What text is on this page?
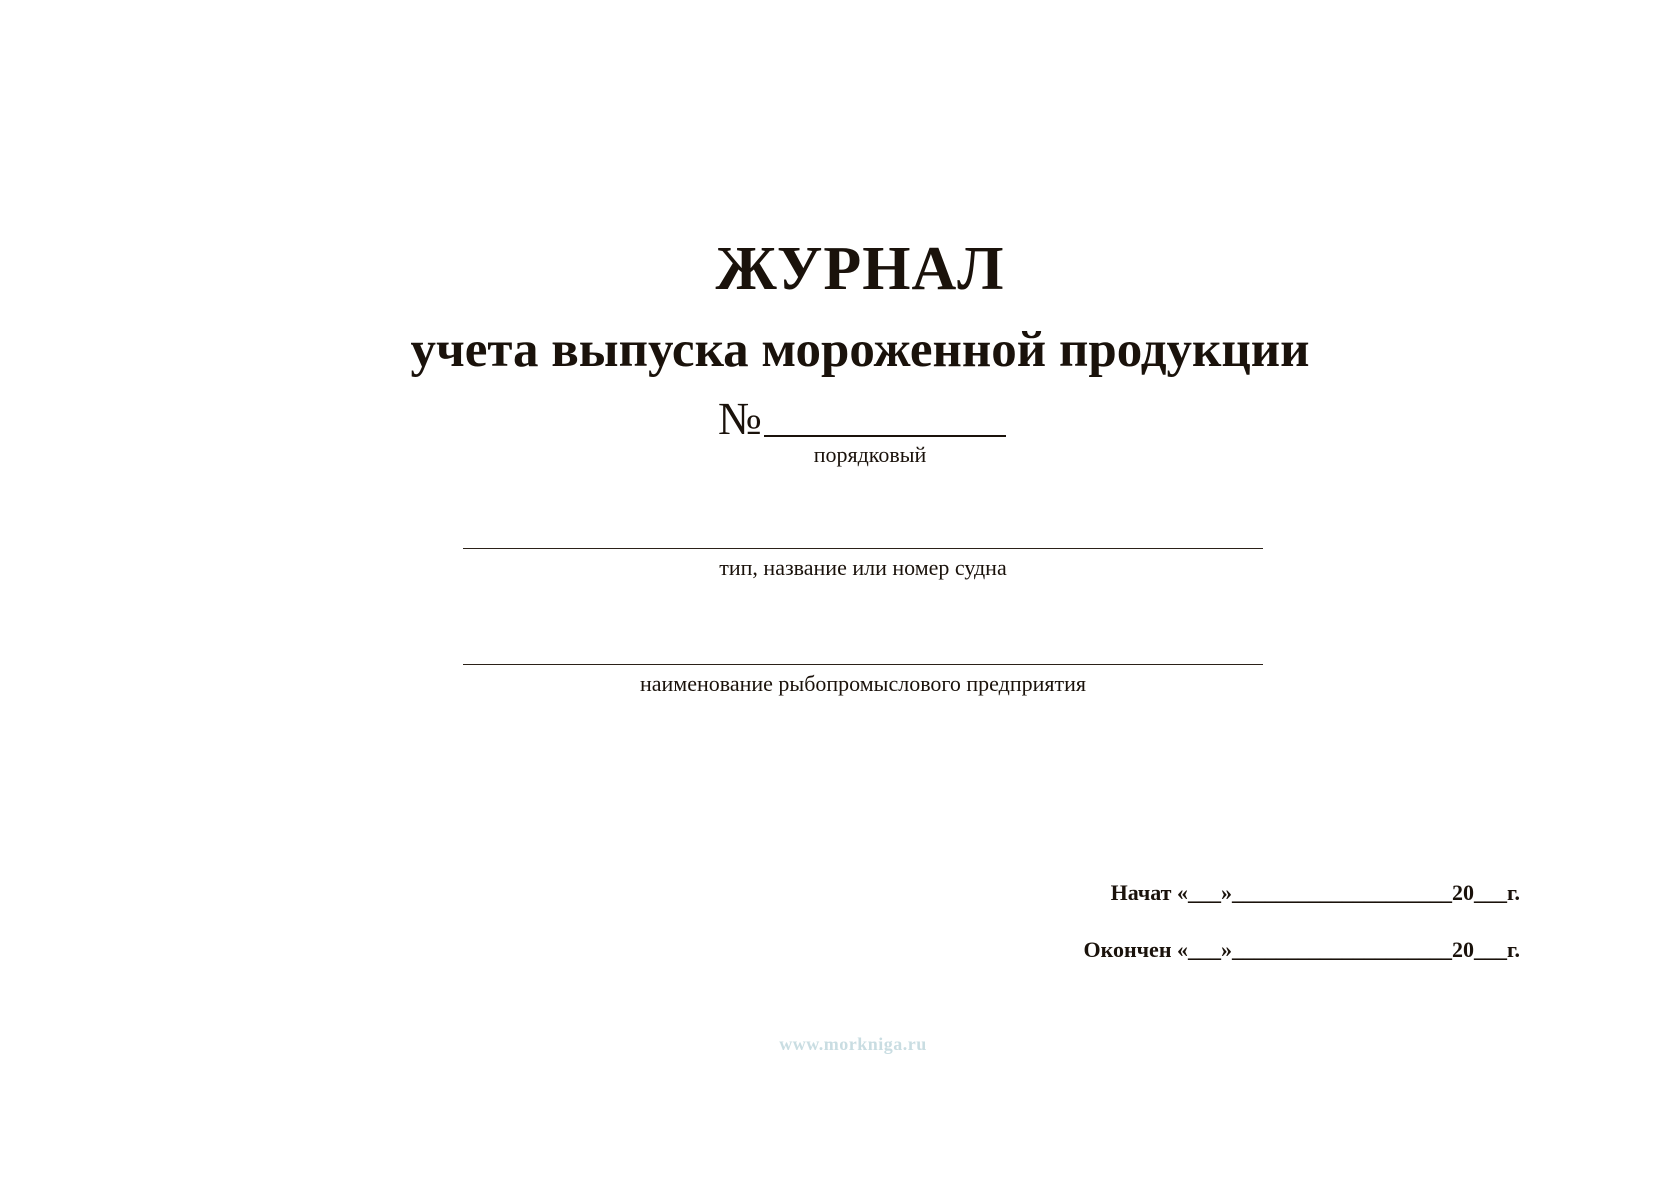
ЖУРНАЛ
учета выпуска мороженной продукции
№
порядковый
тип, название или номер судна
наименование рыбопромыслового предприятия
Начат «___»____________________20___г.
Окончен «___»____________________20___г.
www.morkniga.ru
